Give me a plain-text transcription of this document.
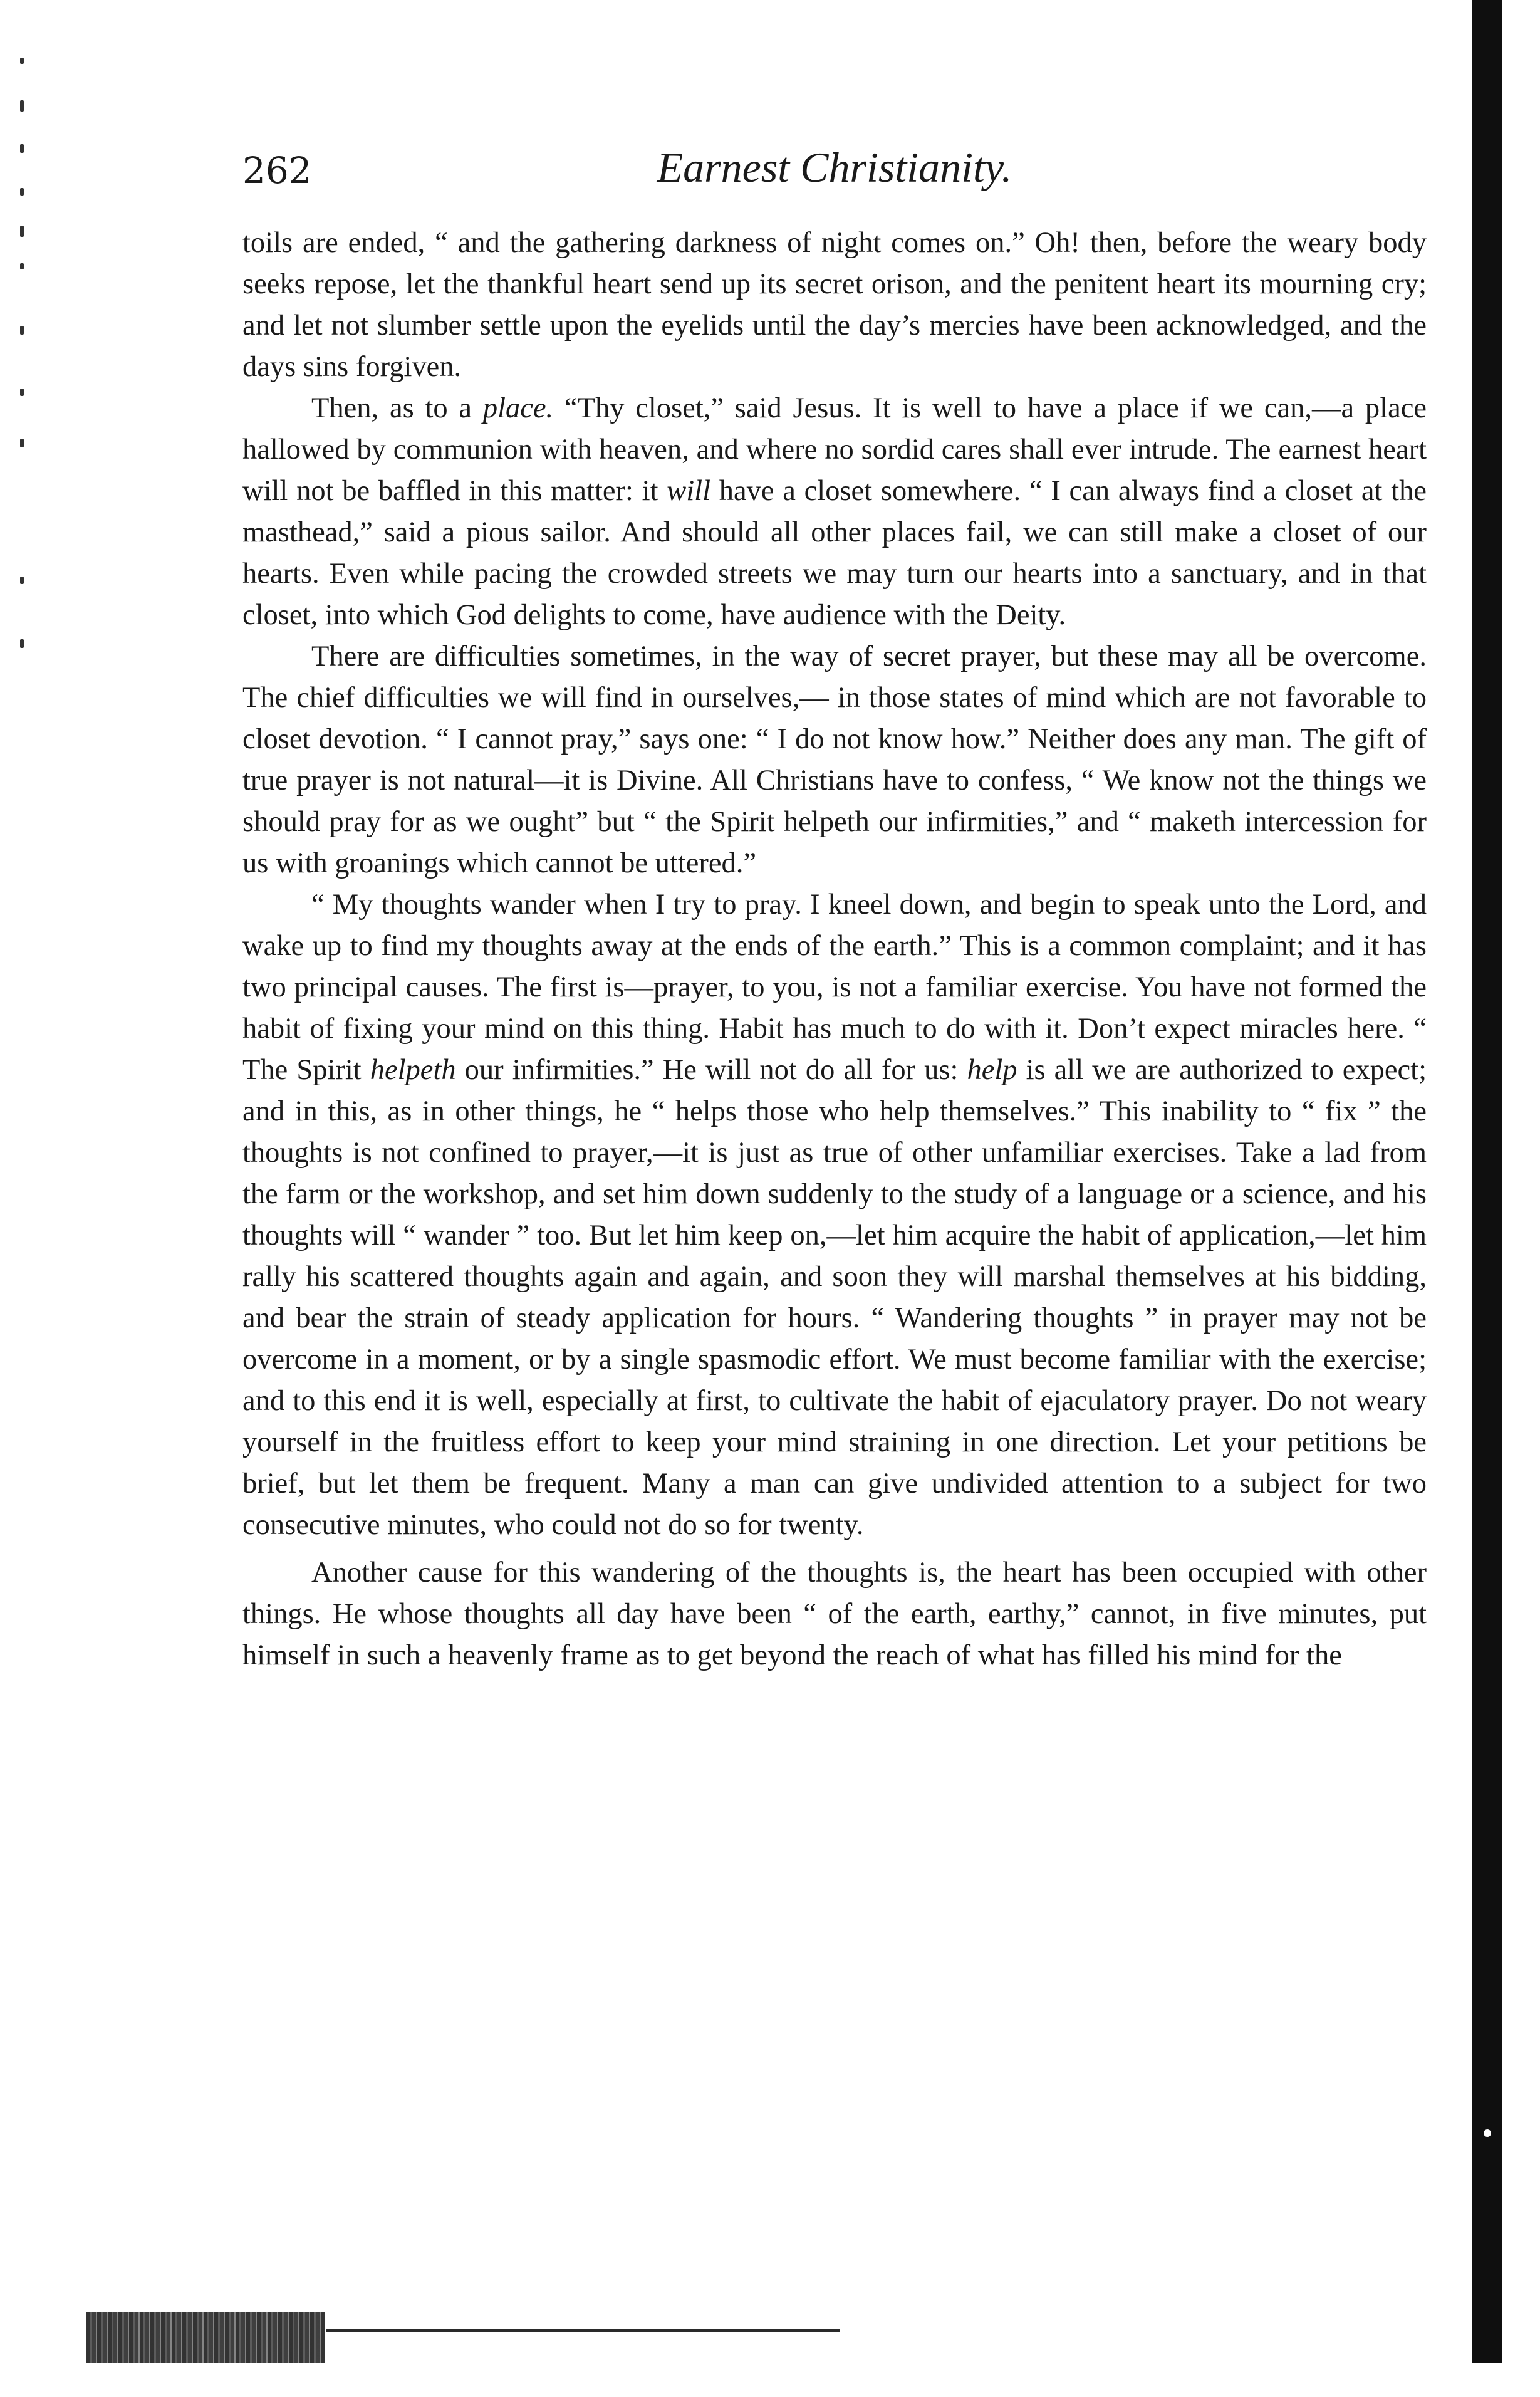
262	Earnest Christianity.

toils are ended, “ and the gathering darkness of night comes on.” Oh! then, before the weary body seeks repose, let the thankful heart send up its secret orison, and the penitent heart its mourning cry; and let not slumber settle upon the eyelids until the day’s mercies have been acknowledged, and the days sins forgiven.

Then, as to a place. “Thy closet,” said Jesus. It is well to have a place if we can,—a place hallowed by communion with heaven, and where no sordid cares shall ever intrude. The earnest heart will not be baffled in this matter: it will have a closet somewhere. “ I can always find a closet at the masthead,” said a pious sailor. And should all other places fail, we can still make a closet of our hearts. Even while pacing the crowded streets we may turn our hearts into a sanctuary, and in that closet, into which God delights to come, have audience with the Deity.

There are difficulties sometimes, in the way of secret prayer, but these may all be overcome. The chief difficulties we will find in ourselves,— in those states of mind which are not favorable to closet devotion. “ I cannot pray,” says one: “ I do not know how.” Neither does any man. The gift of true prayer is not natural—it is Divine. All Christians have to confess, “ We know not the things we should pray for as we ought” but “ the Spirit helpeth our infirmities,” and “ maketh intercession for us with groanings which cannot be uttered.”

“ My thoughts wander when I try to pray. I kneel down, and begin to speak unto the Lord, and wake up to find my thoughts away at the ends of the earth.” This is a common complaint; and it has two principal causes. The first is—prayer, to you, is not a familiar exercise. You have not formed the habit of fixing your mind on this thing. Habit has much to do with it. Don’t expect miracles here. “ The Spirit helpeth our infirmities.” He will not do all for us: help is all we are authorized to expect; and in this, as in other things, he “ helps those who help themselves.” This inability to “ fix ” the thoughts is not confined to prayer,—it is just as true of other unfamiliar exercises. Take a lad from the farm or the workshop, and set him down suddenly to the study of a language or a science, and his thoughts will “ wander ” too. But let him keep on,—let him acquire the habit of application,—let him rally his scattered thoughts again and again, and soon they will marshal themselves at his bidding, and bear the strain of steady application for hours. “ Wandering thoughts ” in prayer may not be overcome in a moment, or by a single spasmodic effort. We must become familiar with the exercise; and to this end it is well, especially at first, to cultivate the habit of ejaculatory prayer. Do not weary yourself in the fruitless effort to keep your mind straining in one direction. Let your petitions be brief, but let them be frequent. Many a man can give undivided attention to a subject for two consecutive minutes, who could not do so for twenty.

Another cause for this wandering of the thoughts is, the heart has been occupied with other things. He whose thoughts all day have been “ of the earth, earthy,” cannot, in five minutes, put himself in such a heavenly frame as to get beyond the reach of what has filled his mind for the
